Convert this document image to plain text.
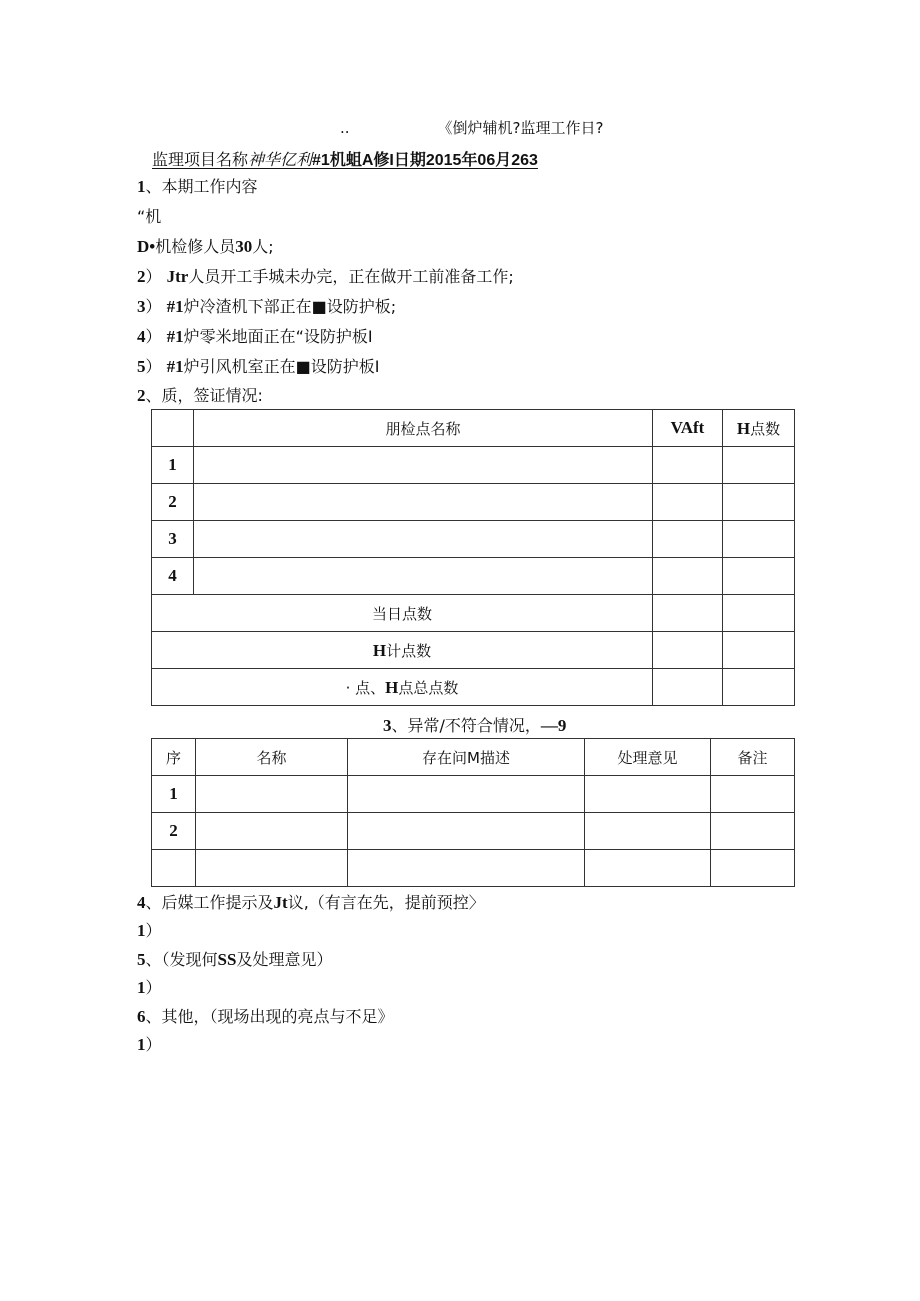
..	《倒炉辅机?监理工作日?
监理项目名称神华亿利#1机蛆A修I日期2015年06月263
1、本期工作内容
“机
D•机检修人员30人;
2） Jtr人员开工手城未办完，正在做开工前准备工作;
3） #1炉冷渣机下部正在■设防护板;
4） #1炉零米地面正在“设防护板I
5） #1炉引风机室正在■设防护板I
2、质，签证情况:
	朋检点名称	VAft	H点数
1			
2			
3			
4			
当日点数			
H计点数			
· 点、H点总点数			
3、异常/不符合情况，—9
序	名称	存在问M描述	处理意见	备注
1				
2				

4、后媒工作提示及Jt议,（有言在先，提前预控〉
1）
5、（发现何SS及处理意见）
1）
6、其他，（现场出现的亮点与不足》
1）
